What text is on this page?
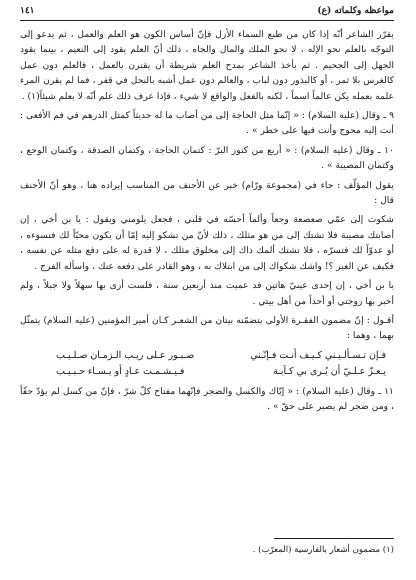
مواعظه وكلماته (ع)
١٤١

يقرّر الشاعر أنّه إذا كان من طبع السماء الأزل فإنّ أساس الكون هو العلم والعمل ، ثم يدعو إلى التوجّه بالعلم نحو الإله ، لا نحو الملك والمال والجاه ، ذلك أنّ العلم يقود إلى النعيم ، بينما يقود الجهل إلى الجحيم . ثم يأخذ الشاعر بمدح العلم شريطة أن يقترن بالعمل ، فالعلم دون عمل كالغرس بلا ثمر ، أو كالبذور دون لباب ، والعالم دون عمل أشبه بالنحل في قفر ، فما لم يقرن المرء علمه بعمله يكن عالماً اسماً ، لكنه بالفعل والواقع لا شيء ، فإذا عرف ذلك علم أنّه لا يعلم شيئاً(١) .

٩ ـ وقال (عليه السلام) : « إنّما مثل الحاجة إلى من أصاب ما له حديثاً كمثل الدرهم في فم الأفعى : أنت إليه محوج وأنت فيها على خطر » .

١٠ ـ وقال (عليه السلام) : « أربع من كنوز البرّ : كتمان الحاجة ، وكتمان الصدقة ، وكتمان الوجع ، وكتمان المصيبة » .

يقول المؤلّف : جاء في (مجموعة ورّام) خبر عن الأحنف من المناسب إيراده هنا ، وهو أنّ الأحنف قال :

شكوت إلى عمّي صعصعة وجعاً وألماً أحسّه في قلبي ، فجعل يلومني ويقول : يا بن أخي ، إن أصابتك مصيبة فلا تشتك إلى من هو مثلك ، ذلك لأنّ من تشكو إليه إمّا أن يكون محبّاً لك فتسوءه ، أو عدوّاً لك فتسرّه ، فلا تشتك ألمك ذاك إلى مخلوق مثلك ، لا قدرة له على دفع مثله عن نفسه ، فكيف عن الغير ؟! واشك شكواك إلى من ابتلاك به ، وهو القادر على دفعه عنك ، واسأله الفرج .

يا بن أخي ، إن إحدى عينيّ هاتين قد عميت منذ أربعين سنة ، فلست أرى بها سهلاً ولا جبلاً ، ولم أخبر بها زوجتي أو أحداً من أهل بيتي .

أقـول : إنّ مضمون الفقـرة الأولى يتضمّنه بيتان من الشعـر كـان أمير المؤمنين (عليه السلام) يتمثّل بهما ، وهما :

فـإن تـسـألـيـني كـيـف أنـت فـإنّـني
صـبـور عـلى ريـب الـزمـان صـلـيـب
يـعـزّ عـلـيّ أن يُـرى بي كـآبـة
فـيـشـمـت عـادٍ أو يـسـاء حـبـيـب

١١ ـ وقال (عليه السلام) : « إيّاك والكسل والضجر فإنّهما مفتاح كلّ شرّ ، فإنّ من كسل لم يؤدّ حقّاً ، ومن ضجر لم يصبر على حقّ » .

(١) مضمون أشعار بالفارسية (المعرّب) .
